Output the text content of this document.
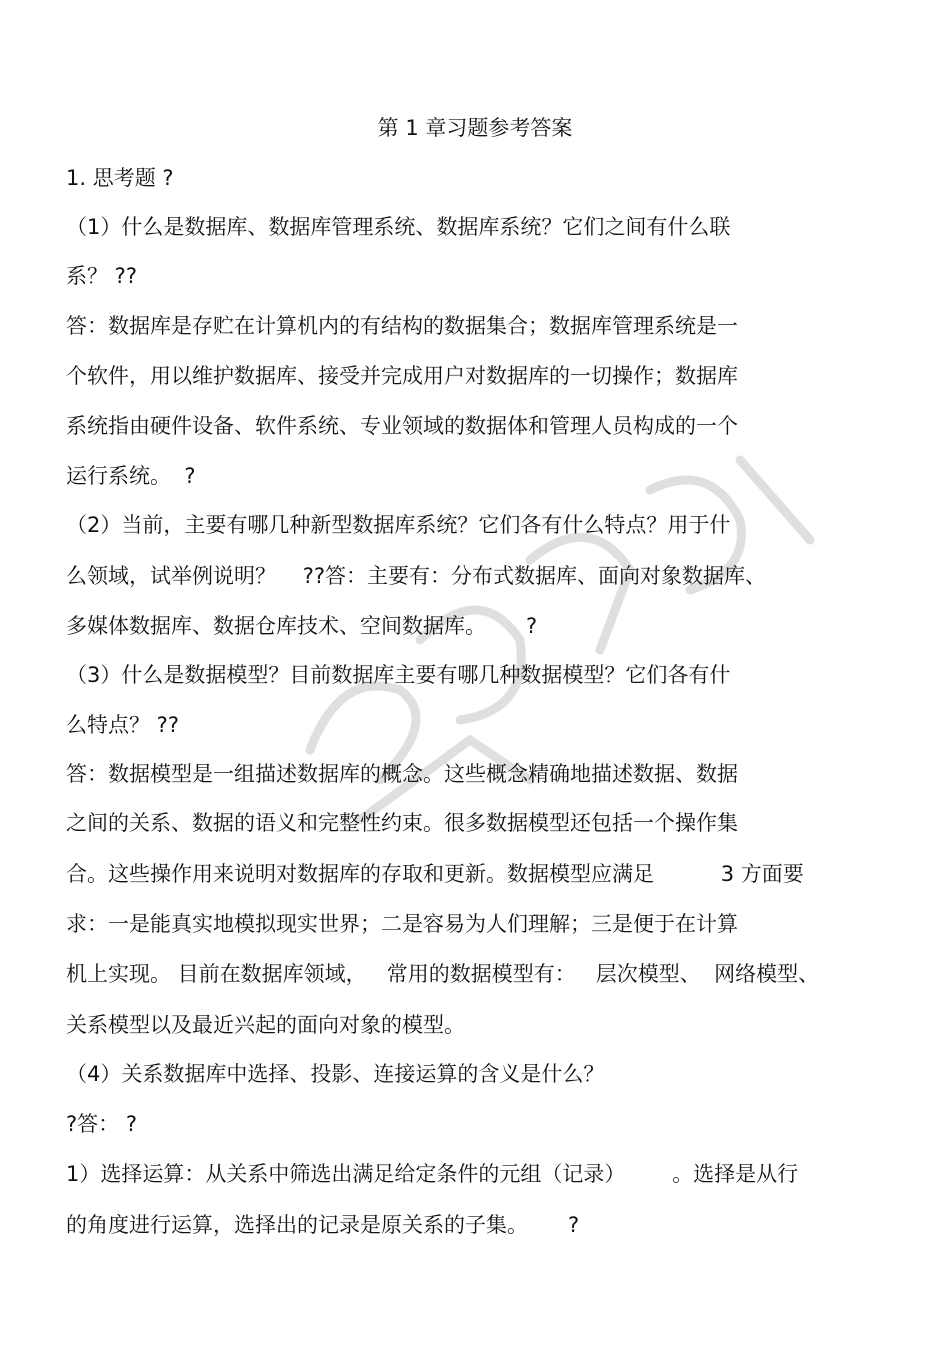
第 1 章习题参考答案
1. 思考题 ?
（1）什么是数据库、数据库管理系统、数据库系统？它们之间有什么联
系？ ??
答：数据库是存贮在计算机内的有结构的数据集合；数据库管理系统是一
个软件，用以维护数据库、接受并完成用户对数据库的一切操作；数据库
系统指由硬件设备、软件系统、专业领域的数据体和管理人员构成的一个
运行系统。  ?
（2）当前，主要有哪几种新型数据库系统？它们各有什么特点？用于什
么领域，试举例说明？    ??答：主要有：分布式数据库、面向对象数据库、
多媒体数据库、数据仓库技术、空间数据库。      ?
（3）什么是数据模型？目前数据库主要有哪几种数据模型？它们各有什
么特点？ ??
答：数据模型是一组描述数据库的概念。这些概念精确地描述数据、数据
之间的关系、数据的语义和完整性约束。很多数据模型还包括一个操作集
合。这些操作用来说明对数据库的存取和更新。数据模型应满足          3 方面要
求：一是能真实地模拟现实世界；二是容易为人们理解；三是便于在计算
机上实现。 目前在数据库领域，   常用的数据模型有：   层次模型、  网络模型、
关系模型以及最近兴起的面向对象的模型。
（4）关系数据库中选择、投影、连接运算的含义是什么？
?答： ?
1）选择运算：从关系中筛选出满足给定条件的元组（记录）       。选择是从行
的角度进行运算，选择出的记录是原关系的子集。      ?
